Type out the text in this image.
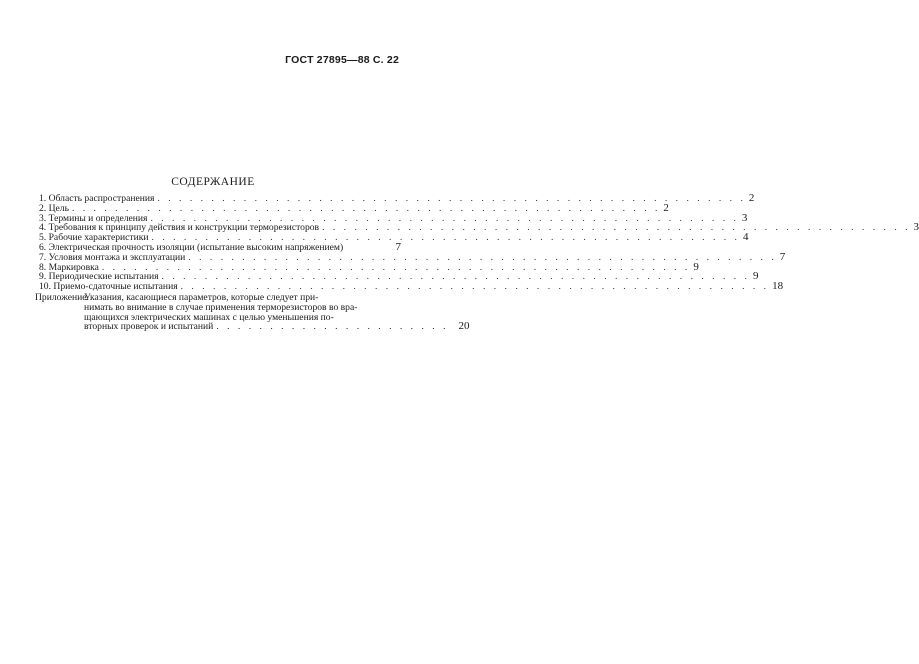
ГОСТ 27895—88 С. 22
СОДЕРЖАНИЕ
1. Область распространения . . .	2
2. Цель . . .	2
3. Термины и определения . . .	3
4. Требования к принципу действия и конструкции терморезисторов . . .	3
5. Рабочие характеристики . . .	4
6. Электрическая прочность изоляции (испытание высоким напряжением)	7
7. Условия монтажа и эксплуатации . . .	7
8. Маркировка . . .	9
9. Периодические испытания . . .	9
10. Приемо-сдаточные испытания . . .	18
Приложение.
Указания, касающиеся параметров, которые следует при-
нимать во внимание в случае применения терморезисторов во вра-
щающихся электрических машинах с целью уменьшения по-
вторных проверок и испытаний . . .	20
